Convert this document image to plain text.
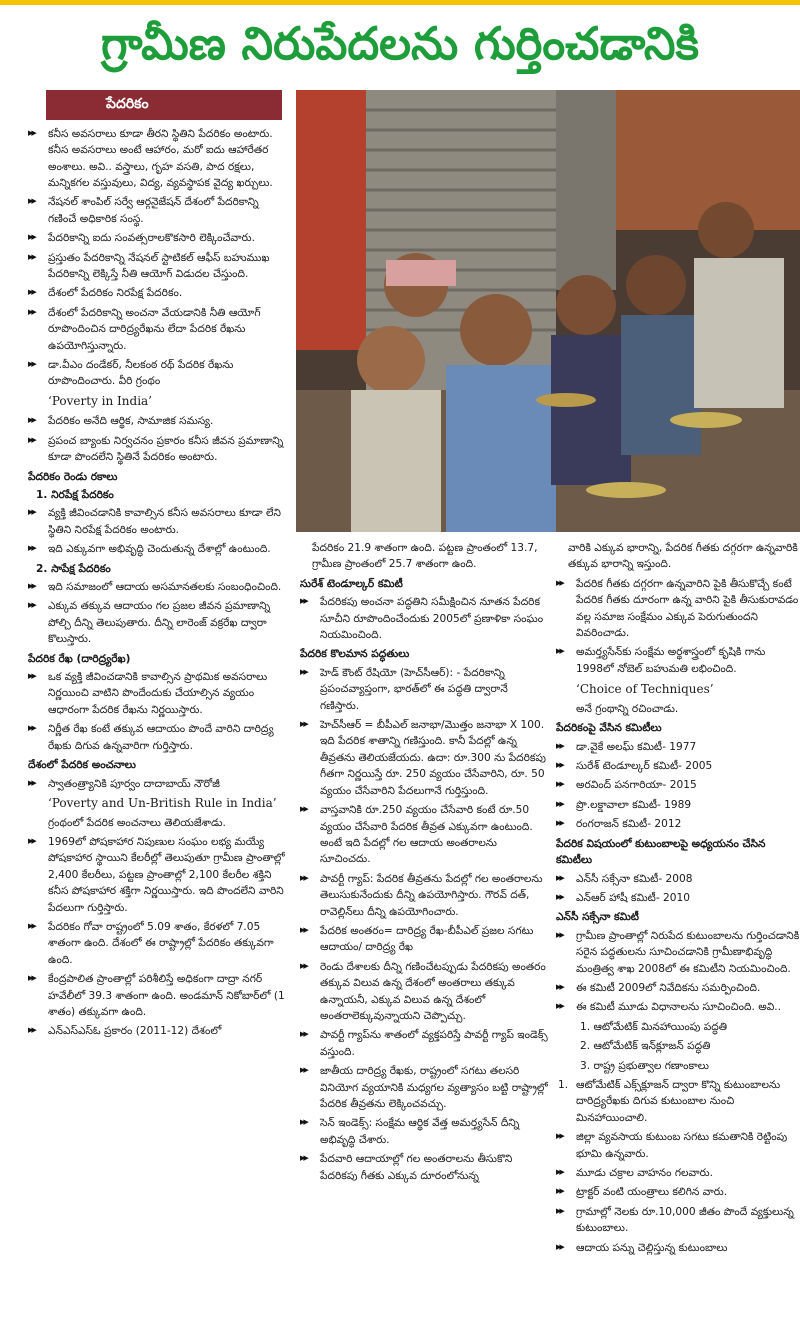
గ్రామీణ నిరుపేదలను గుర్తించడానికి
పేదరికం
▶▶ కనీస అవసరాలు కూడా తీరని స్థితిని పేదరికం అంటారు. కనీస అవసరాలు అంటే ఆహారం, మరో ఐదు ఆహారేతర అంశాలు. అవి.. వస్త్రాలు, గృహ వసతి, పాద రక్షలు, మన్నికగల వస్తువులు, విద్య, వ్యవస్థాపక వైద్య ఖర్చులు.
▶▶ నేషనల్ శాంపిల్ సర్వే ఆర్గనైజేషన్ దేశంలో పేదరికాన్ని గణించే అధికారిక సంస్థ.
▶▶ పేదరికాన్ని ఐదు సంవత్సరాలకొకసారి లెక్కించేవారు.
▶▶ ప్రస్తుతం పేదరికాన్ని నేషనల్ స్టాటికల్ ఆఫీస్ బహుముఖ పేదరికాన్ని లెక్కిస్తే నీతి ఆయోగ్ విడుదల చేస్తుంది.
▶▶ దేశంలో పేదరికం నిరపేక్ష పేదరికం.
▶▶ దేశంలో పేదరికాన్ని అంచనా వేయడానికి నీతి ఆయోగ్ రూపొందించిన దారిద్ర్యరేఖను లేదా పేదరిక రేఖను ఉపయోగిస్తున్నారు.
▶▶ డా.వీఎం దండేకర్, నీలకంఠ రథ్ పేదరిక రేఖను రూపొందించారు. వీరి గ్రంథం
‘Poverty in India’
▶▶ పేదరికం అనేది ఆర్థిక, సామాజిక సమస్య.
▶▶ ప్రపంచ బ్యాంకు నిర్వచనం ప్రకారం కనీస జీవన ప్రమాణాన్ని కూడా పొందలేని స్థితినే పేదరికం అంటారు.
పేదరికం రెండు రకాలు
1. నిరపేక్ష పేదరికం
▶▶ వ్యక్తి జీవించడానికి కావాల్సిన కనీస అవసరాలు కూడా లేని స్థితిని నిరపేక్ష పేదరికం అంటారు.
▶▶ ఇది ఎక్కువగా అభివృద్ధి చెందుతున్న దేశాల్లో ఉంటుంది.
2. సాపేక్ష పేదరికం
▶▶ ఇది సమాజంలో ఆదాయ అసమానతలకు సంబంధించింది.
▶▶ ఎక్కువ తక్కువ ఆదాయం గల ప్రజల జీవన ప్రమాణాన్ని పోల్చి దీన్ని తెలుపుతారు. దీన్ని లారెంజ్ వక్రరేఖ ద్వారా కొలుస్తారు.
పేదరిక రేఖ (దారిద్ర్యరేఖ)
▶▶ ఒక వ్యక్తి జీవించడానికి కావాల్సిన ప్రాథమిక అవసరాలు నిర్ణయించి వాటిని పొందేందుకు చేయాల్సిన వ్యయం ఆధారంగా పేదరిక రేఖను నిర్ణయిస్తారు.
▶▶ నిర్ణీత రేఖ కంటే తక్కువ ఆదాయం పొందే వారిని దారిద్ర్య రేఖకు దిగువ ఉన్నవారిగా గుర్తిస్తారు.
దేశంలో పేదరిక అంచనాలు
▶▶ స్వాతంత్ర్యానికి పూర్వం దాదాబాయ్ నౌరోజీ
‘Poverty and Un-British Rule in India’
గ్రంథంలో పేదరిక అంచనాలు తెలియజేశాడు.
▶▶ 1969లో పోషకాహార నిపుణుల సంఘం లభ్య మయ్యే పోషకాహార స్థాయిని కేలరీల్లో తెలుపుతూ గ్రామీణ ప్రాంతాల్లో 2,400 కేలరీలు, పట్టణ ప్రాంతాల్లో 2,100 కేలరీల శక్తిని కనీస పోషకాహార శక్తిగా నిర్ణయిస్తారు. ఇది పొందలేని వారిని పేదలుగా గుర్తిస్తారు.
▶▶ పేదరికం గోవా రాష్ట్రంలో 5.09 శాతం, కేరళలో 7.05 శాతంగా ఉంది. దేశంలో ఈ రాష్ట్రాల్లో పేదరికం తక్కువగా ఉంది.
▶▶ కేంద్రపాలిత ప్రాంతాల్లో పరిశీలిస్తే అధికంగా దాద్రా నగర్ హవేలీలో 39.3 శాతంగా ఉంది. అండమాన్ నికోబార్‌లో (1 శాతం) తక్కువగా ఉంది.
▶▶ ఎన్ఎస్ఎస్ఓ ప్రకారం (2011-12) దేశంలో
పేదరికం 21.9 శాతంగా ఉంది. పట్టణ ప్రాంతంలో 13.7, గ్రామీణ ప్రాంతంలో 25.7 శాతంగా ఉంది.
సురేశ్ టెండూల్కర్ కమిటీ
▶▶ పేదరికపు అంచనా పద్ధతిని సమీక్షించిన నూతన పేదరిక సూచీని రూపొందించేందుకు 2005లో ప్రణాళికా సంఘం నియమించింది.
పేదరిక కొలమాన పద్ధతులు
▶▶ హెడ్ కౌంట్ రేషియో (హెచ్‌సీఆర్): - పేదరికాన్ని ప్రపంచవ్యాప్తంగా, భారత్‌లో ఈ పద్ధతి ద్వారానే గణిస్తారు.
▶▶ హెచ్‌సీఆర్ = బీపీఎల్ జనాభా/మొత్తం జనాభా X 100. ఇది పేదరిక శాతాన్ని గణిస్తుంది. కానీ పేదల్లో ఉన్న తీవ్రతను తెలియజేయదు. ఉదా: రూ.300 ను పేదరికపు గీతగా నిర్ణయిస్తే రూ. 250 వ్యయం చేసేవారిని, రూ. 50 వ్యయం చేసేవారిని పేదలుగానే గుర్తిస్తుంది.
▶▶ వాస్తవానికి రూ.250 వ్యయం చేసేవారి కంటే రూ.50 వ్యయం చేసేవారి పేదరిక తీవ్రత ఎక్కువగా ఉంటుంది. అంటే ఇది పేదల్లో గల ఆదాయ అంతరాలను సూచించదు.
▶▶ పావర్టీ గ్యాప్: పేదరిక తీవ్రతను పేదల్లో గల అంతరాలను తెలుసుకునేందుకు దీన్ని ఉపయోగిస్తారు. గౌరవ్ దత్, రావెల్లిన్‌లు దీన్ని ఉపయోగించారు.
▶▶ పేదరిక అంతరం= దారిద్ర్య రేఖ-బీపీఎల్ ప్రజల సగటు ఆదాయం/ దారిద్ర్య రేఖ
▶▶ రెండు దేశాలకు దీన్ని గణించేటప్పుడు పేదరికపు అంతరం తక్కువ విలువ ఉన్న దేశంలో అంతరాలు తక్కువ ఉన్నాయనీ, ఎక్కువ విలువ ఉన్న దేశంలో అంతరాలెక్కువున్నాయని చెప్పొచ్చు.
▶▶ పావర్టీ గ్యాప్‌ను శాతంలో వ్యక్తపరిస్తే పావర్టీ గ్యాప్ ఇండెక్స్ వస్తుంది.
▶▶ జాతీయ దారిద్ర్య రేఖకు, రాష్ట్రంలో సగటు తలసరి వినియోగ వ్యయానికి మధ్యగల వ్యత్యాసం బట్టి రాష్ట్రాల్లో పేదరిక తీవ్రతను లెక్కించవచ్చు.
▶▶ సెన్ ఇండెక్స్: సంక్షేమ ఆర్థిక వేత్త అమర్త్యసేన్ దీన్ని అభివృద్ధి చేశారు.
▶▶ పేదవారి ఆదాయాల్లో గల అంతరాలను తీసుకొని పేదరికపు గీతకు ఎక్కువ దూరంలోనున్న
వారికి ఎక్కువ భారాన్ని, పేదరిక గీతకు దగ్గరగా ఉన్నవారికి తక్కువ భారాన్ని ఇస్తుంది.
▶▶ పేదరిక గీతకు దగ్గరగా ఉన్నవారిని పైకి తీసుకొచ్చే కంటే పేదరిక గీతకు దూరంగా ఉన్న వారిని పైకి తీసుకురావడం వల్ల సమాజ సంక్షేమం ఎక్కువ పెరుగుతుందని వివరించాడు.
▶▶ అమర్త్యసేన్‌కు సంక్షేమ అర్థశాస్త్రంలో కృషికి గాను 1998లో నోబెల్ బహుమతి లభించింది.
‘Choice of Techniques’
అనే గ్రంథాన్ని రచించాడు.
పేదరికంపై వేసిన కమిటీలు
▶▶ డా.వైకే అలఘ్ కమిటీ- 1977
▶▶ సురేశ్ టెండూల్కర్ కమిటీ- 2005
▶▶ అరవింద్ పనగారియా- 2015
▶▶ ప్రొ.లక్డావాలా కమిటీ- 1989
▶▶ రంగరాజన్ కమిటీ- 2012
పేదరిక విషయంలో కుటుంబాలపై అధ్యయనం చేసిన కమిటీలు
▶▶ ఎన్‌సీ సక్సేనా కమిటీ- 2008
▶▶ ఎన్‌ఆర్ హాషీ కమిటీ- 2010
ఎన్‌సీ సక్సేనా కమిటీ
▶▶ గ్రామీణ ప్రాంతాల్లో నిరుపేద కుటుంబాలను గుర్తించడానికి సరైన పద్ధతులను సూచించడానికి గ్రామీణాభివృద్ధి మంత్రిత్వ శాఖ 2008లో ఈ కమిటీని నియమించింది.
▶▶ ఈ కమిటీ 2009లో నివేదికను సమర్పించింది.
▶▶ ఈ కమిటీ మూడు విధానాలను సూచించింది. అవి..
1. ఆటోమేటిక్ మినహాయింపు పద్ధతి
2. ఆటోమేటిక్ ఇన్‌క్లూజన్ పద్ధతి
3. రాష్ట్ర ప్రభుత్వాల గణాంకాలు
1. ఆటోమేటిక్ ఎక్స్‌క్లూజన్ ద్వారా కొన్ని కుటుంబాలను దారిద్ర్యరేఖకు దిగువ కుటుంబాల నుంచి మినహాయించాలి.
▶▶ జిల్లా వ్యవసాయ కుటుంబ సగటు కమతానికి రెట్టింపు భూమి ఉన్నవారు.
▶▶ మూడు చక్రాల వాహనం గలవారు.
▶▶ ట్రాక్టర్ వంటి యంత్రాలు కలిగిన వారు.
▶▶ గ్రామాల్లో నెలకు రూ.10,000 జీతం పొందే వ్యక్తులున్న కుటుంబాలు.
▶▶ ఆదాయ పన్ను చెల్లిస్తున్న కుటుంబాలు
